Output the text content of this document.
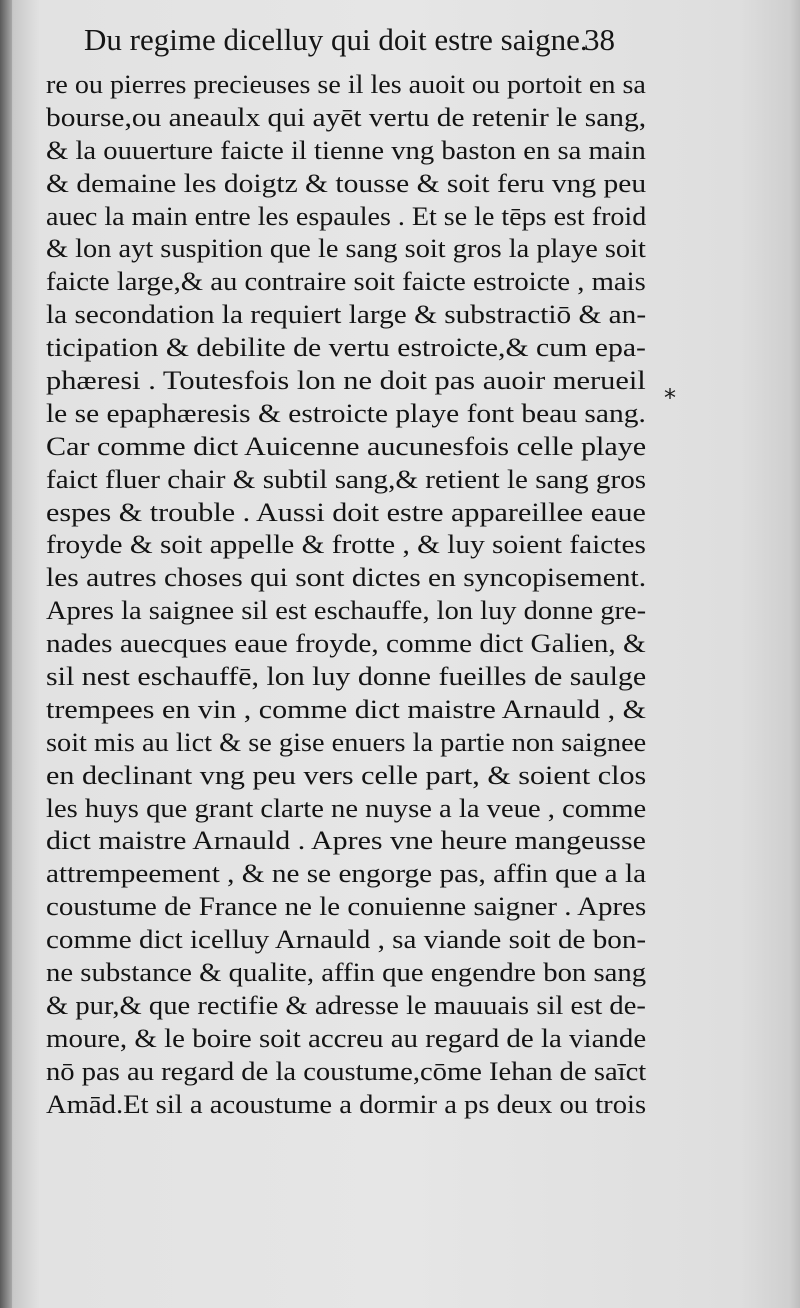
Du regime dicelluy qui doit estre saigne.
38
re ou pierres precieuses se il les auoit ou portoit en sa
bourse,ou aneaulx qui ayēt vertu de retenir le sang,
& la ouuerture faicte il tienne vng baston en sa main
& demaine les doigtz & tousse & soit feru vng peu
auec la main entre les espaules . Et se le tēps est froid
& lon ayt suspition que le sang soit gros la playe soit
faicte large,& au contraire soit faicte estroicte , mais
la secondation la requiert large & substractiō & an-
ticipation & debilite de vertu estroicte,& cum epa-
phæresi . Toutesfois lon ne doit pas auoir merueil
le se epaphæresis & estroicte playe font beau sang.
Car comme dict Auicenne aucunesfois celle playe
faict fluer chair & subtil sang,& retient le sang gros
espes & trouble . Aussi doit estre appareillee eaue
froyde & soit appelle & frotte , & luy soient faictes
les autres choses qui sont dictes en syncopisement.
Apres la saignee sil est eschauffe, lon luy donne gre-
nades auecques eaue froyde, comme dict Galien, &
sil nest eschauffē, lon luy donne fueilles de saulge
trempees en vin , comme dict maistre Arnauld , &
soit mis au lict & se gise enuers la partie non saignee
en declinant vng peu vers celle part, & soient clos
les huys que grant clarte ne nuyse a la veue , comme
dict maistre Arnauld . Apres vne heure mangeusse
attrempeement , & ne se engorge pas, affin que a la
coustume de France ne le conuienne saigner . Apres
comme dict icelluy Arnauld , sa viande soit de bon-
ne substance & qualite, affin que engendre bon sang
& pur,& que rectifie & adresse le mauuais sil est de-
moure, & le boire soit accreu au regard de la viande
nō pas au regard de la coustume,cōme Iehan de saīct
Amād.Et sil a acoustume a dormir a ps deux ou trois
*
